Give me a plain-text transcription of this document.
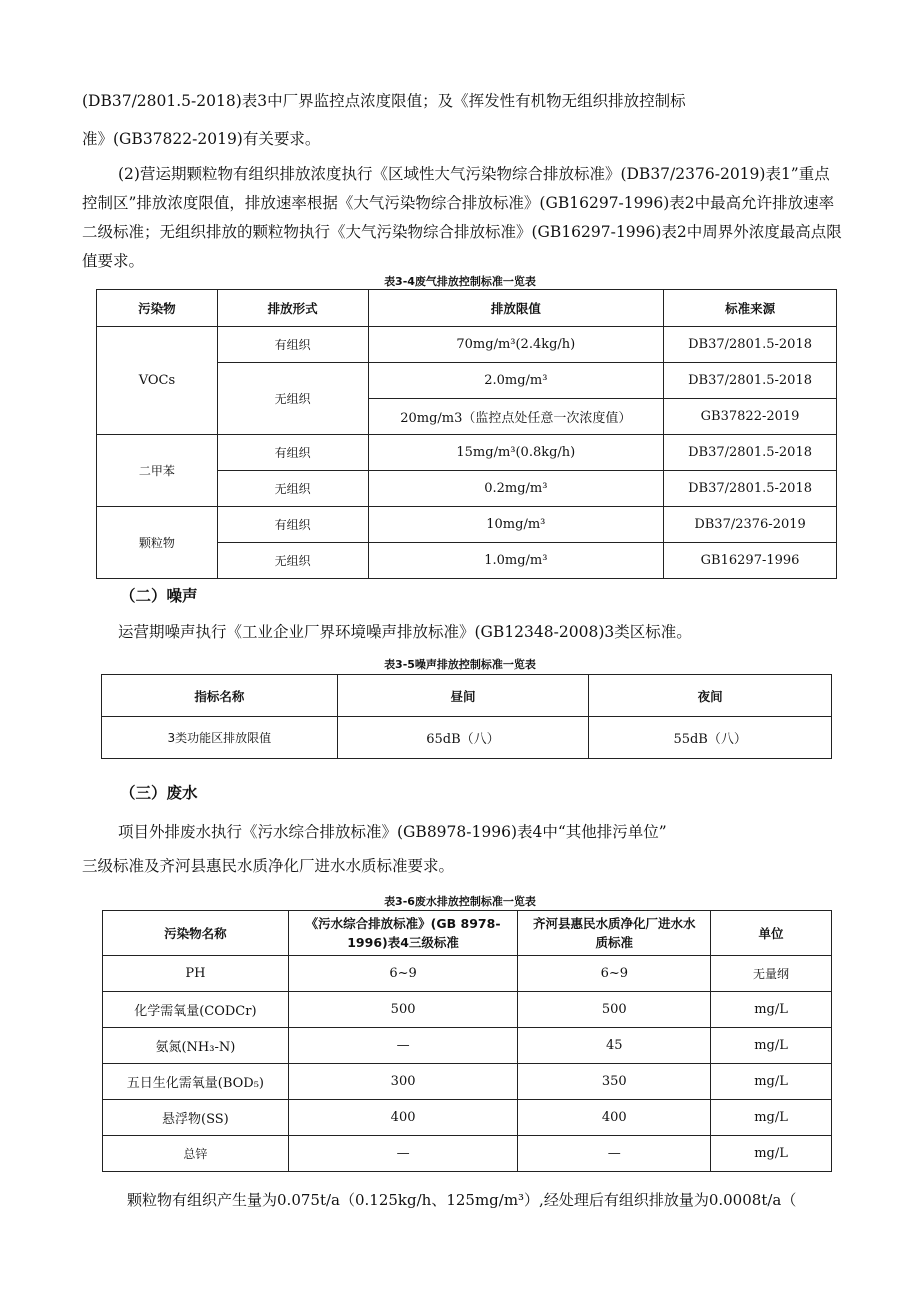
(DB37/2801.5-2018)表3中厂界监控点浓度限值；及《挥发性有机物无组织排放控制标

准》(GB37822-2019)有关要求。

(2)营运期颗粒物有组织排放浓度执行《区域性大气污染物综合排放标准》(DB37/2376-2019)表1”重点控制区”排放浓度限值，排放速率根据《大气污染物综合排放标准》(GB16297-1996)表2中最高允许排放速率二级标准；无组织排放的颗粒物执行《大气污染物综合排放标准》(GB16297-1996)表2中周界外浓度最高点限值要求。

表3-4废气排放控制标准一览表

污染物	排放形式	排放限值	标准来源
VOCs	有组织	70mg/m³(2.4kg/h)	DB37/2801.5-2018
	无组织	2.0mg/m³	DB37/2801.5-2018
		20mg/m3（监控点处任意一次浓度值）	GB37822-2019
二甲苯	有组织	15mg/m³(0.8kg/h)	DB37/2801.5-2018
	无组织	0.2mg/m³	DB37/2801.5-2018
颗粒物	有组织	10mg/m³	DB37/2376-2019
	无组织	1.0mg/m³	GB16297-1996

（二）噪声

运营期噪声执行《工业企业厂界环境噪声排放标准》(GB12348-2008)3类区标准。

表3-5噪声排放控制标准一览表

指标名称	昼间	夜间
3类功能区排放限值	65dB（八）	55dB（八）

（三）废水

项目外排废水执行《污水综合排放标准》(GB8978-1996)表4中“其他排污单位”

三级标准及齐河县惠民水质净化厂进水水质标准要求。

表3-6废水排放控制标准一览表

污染物名称	《污水综合排放标准》(GB 8978-1996)表4三级标准	齐河县惠民水质净化厂进水水质标准	单位
PH	6~9	6~9	无量纲
化学需氧量(CODCr)	500	500	mg/L
氨氮(NH₃-N)	—	45	mg/L
五日生化需氧量(BOD₅)	300	350	mg/L
悬浮物(SS)	400	400	mg/L
总锌	—	—	mg/L

颗粒物有组织产生量为0.075t/a（0.125kg/h、125mg/m³）,经处理后有组织排放量为0.0008t/a（
